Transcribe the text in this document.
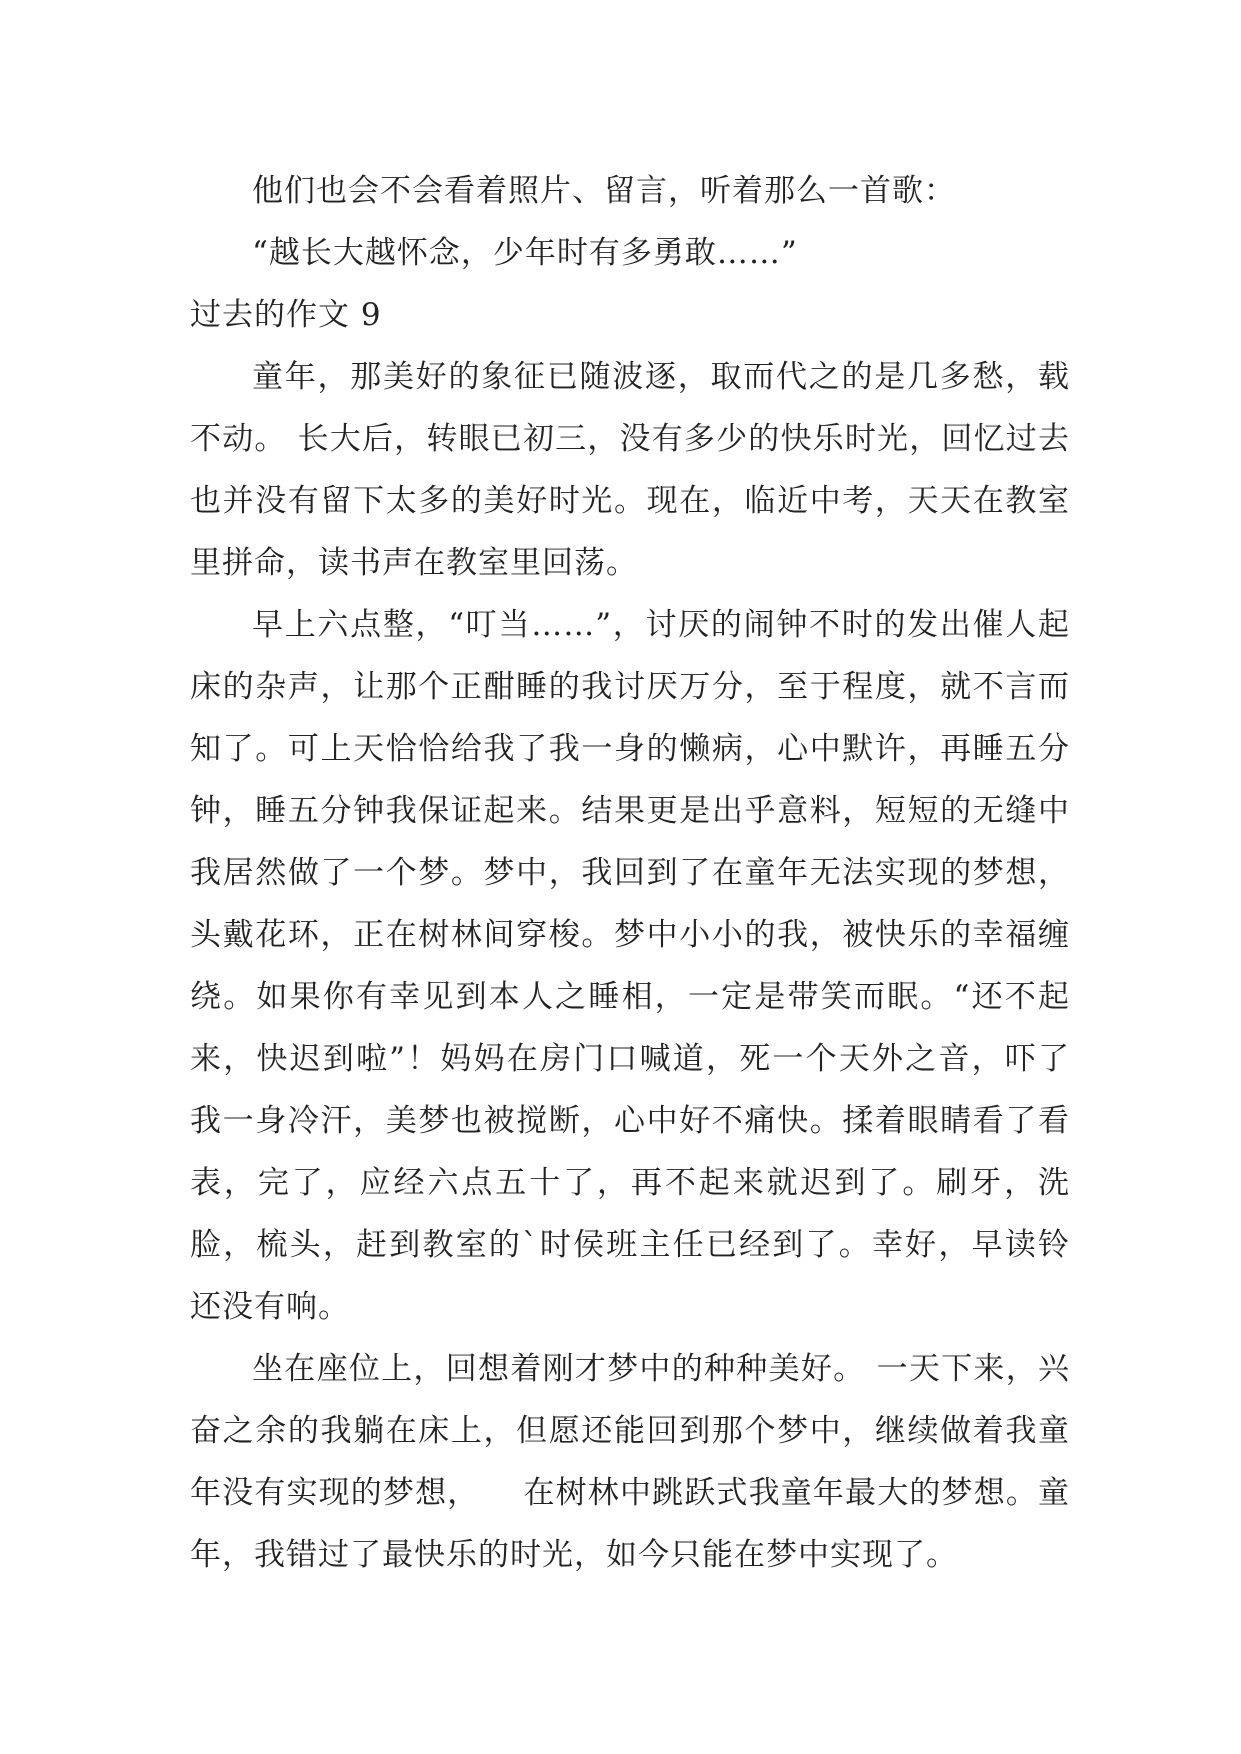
他们也会不会看着照片、留言，听着那么一首歌：

“越长大越怀念，少年时有多勇敢……”

过去的作文 9

童年，那美好的象征已随波逐，取而代之的是几多愁，载不动。 长大后，转眼已初三，没有多少的快乐时光，回忆过去也并没有留下太多的美好时光。现在，临近中考，天天在教室里拼命，读书声在教室里回荡。

早上六点整，“叮当……”，讨厌的闹钟不时的发出催人起床的杂声，让那个正酣睡的我讨厌万分，至于程度，就不言而知了。可上天恰恰给我了我一身的懒病，心中默许，再睡五分钟，睡五分钟我保证起来。结果更是出乎意料，短短的无缝中我居然做了一个梦。梦中，我回到了在童年无法实现的梦想，头戴花环，正在树林间穿梭。梦中小小的我，被快乐的幸福缠绕。如果你有幸见到本人之睡相，一定是带笑而眠。“还不起来，快迟到啦”！妈妈在房门口喊道，死一个天外之音，吓了我一身冷汗，美梦也被搅断，心中好不痛快。揉着眼睛看了看表，完了，应经六点五十了，再不起来就迟到了。刷牙，洗脸，梳头，赶到教室的`时侯班主任已经到了。幸好，早读铃还没有响。

坐在座位上，回想着刚才梦中的种种美好。 一天下来，兴奋之余的我躺在床上，但愿还能回到那个梦中，继续做着我童年没有实现的梦想， 在树林中跳跃式我童年最大的梦想。童年，我错过了最快乐的时光，如今只能在梦中实现了。
